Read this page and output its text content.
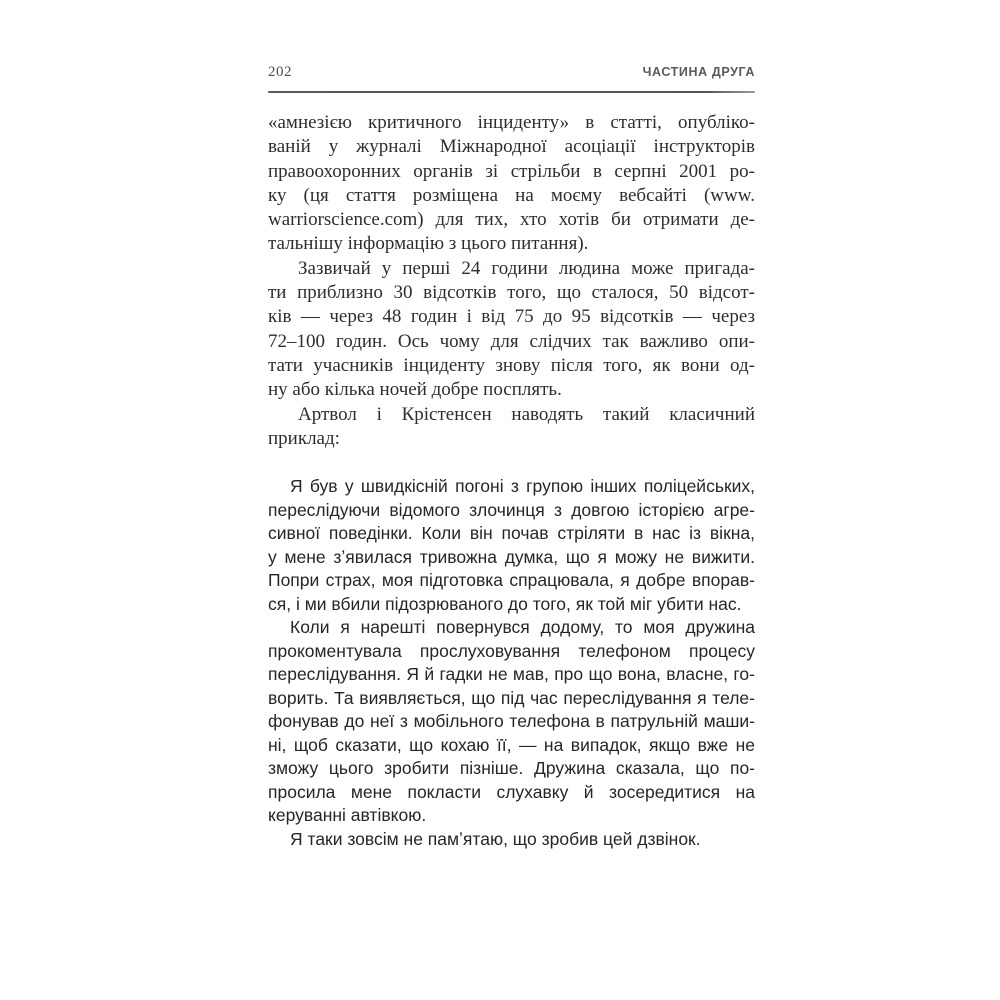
202	ЧАСТИНА ДРУГА
«амнезією критичного інциденту» в статті, опубліко-
ваній у журналі Міжнародної асоціації інструкторів
правоохоронних органів зі стрільби в серпні 2001 ро-
ку (ця стаття розміщена на моєму вебсайті (www.
warriorscience.com) для тих, хто хотів би отримати де-
тальнішу інформацію з цього питання).
Зазвичай у перші 24 години людина може пригада-
ти приблизно 30 відсотків того, що сталося, 50 відсот-
ків — через 48 годин і від 75 до 95 відсотків — через
72–100 годин. Ось чому для слідчих так важливо опи-
тати учасників інциденту знову після того, як вони од-
ну або кілька ночей добре посплять.
Артвол і Крістенсен наводять такий класичний
приклад:
Я був у швидкісній погоні з групою інших поліцейських,
переслідуючи відомого злочинця з довгою історією агре-
сивної поведінки. Коли він почав стріляти в нас із вікна,
у мене зʼявилася тривожна думка, що я можу не вижити.
Попри страх, моя підготовка спрацювала, я добре впорав-
ся, і ми вбили підозрюваного до того, як той міг убити нас.
Коли я нарешті повернувся додому, то моя дружина
прокоментувала прослуховування телефоном процесу
переслідування. Я й гадки не мав, про що вона, власне, го-
ворить. Та виявляється, що під час переслідування я теле-
фонував до неї з мобільного телефона в патрульній маши-
ні, щоб сказати, що кохаю її, — на випадок, якщо вже не
зможу цього зробити пізніше. Дружина сказала, що по-
просила мене покласти слухавку й зосередитися на
керуванні автівкою.
Я таки зовсім не памʼятаю, що зробив цей дзвінок.
